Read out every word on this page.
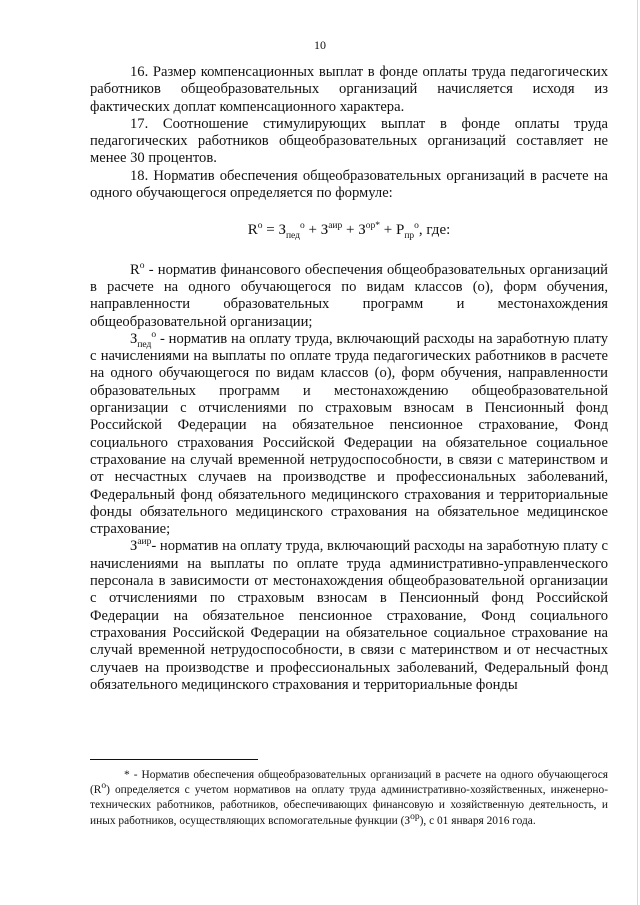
10

16. Размер компенсационных выплат в фонде оплаты труда педагогических работников общеобразовательных организаций начисляется исходя из фактических доплат компенсационного характера.

17. Соотношение стимулирующих выплат в фонде оплаты труда педагогических работников общеобразовательных организаций составляет не менее 30 процентов.

18. Норматив обеспечения общеобразовательных организаций в расчете на одного обучающегося определяется по формуле:

$R^о = З_{пед}^о + З^{аир} + З^{ор*} + Р_{пр}^о$, где:

$R^о$ - норматив финансового обеспечения общеобразовательных организаций в расчете на одного обучающегося по видам классов (о), форм обучения, направленности образовательных программ и местонахождения общеобразовательной организации;

$З_{пед}^о$ - норматив на оплату труда, включающий расходы на заработную плату с начислениями на выплаты по оплате труда педагогических работников в расчете на одного обучающегося по видам классов (о), форм обучения, направленности образовательных программ и местонахождению общеобразовательной организации с отчислениями по страховым взносам в Пенсионный фонд Российской Федерации на обязательное пенсионное страхование, Фонд социального страхования Российской Федерации на обязательное социальное страхование на случай временной нетрудоспособности, в связи с материнством и от несчастных случаев на производстве и профессиональных заболеваний, Федеральный фонд обязательного медицинского страхования и территориальные фонды обязательного медицинского страхования на обязательное медицинское страхование;

$З^{аир}-$ норматив на оплату труда, включающий расходы на заработную плату с начислениями на выплаты по оплате труда административно-управленческого персонала в зависимости от местонахождения общеобразовательной организации с отчислениями по страховым взносам в Пенсионный фонд Российской Федерации на обязательное пенсионное страхование, Фонд социального страхования Российской Федерации на обязательное социальное страхование на случай временной нетрудоспособности, в связи с материнством и от несчастных случаев на производстве и профессиональных заболеваний, Федеральный фонд обязательного медицинского страхования и территориальные фонды

* - Норматив обеспечения общеобразовательных организаций в расчете на одного обучающегося $(R^о)$ определяется с учетом нормативов на оплату труда административно-хозяйственных, инженерно-технических работников, работников, обеспечивающих финансовую и хозяйственную деятельность, и иных работников, осуществляющих вспомогательные функции $(З^{ор})$, с 01 января 2016 года.
